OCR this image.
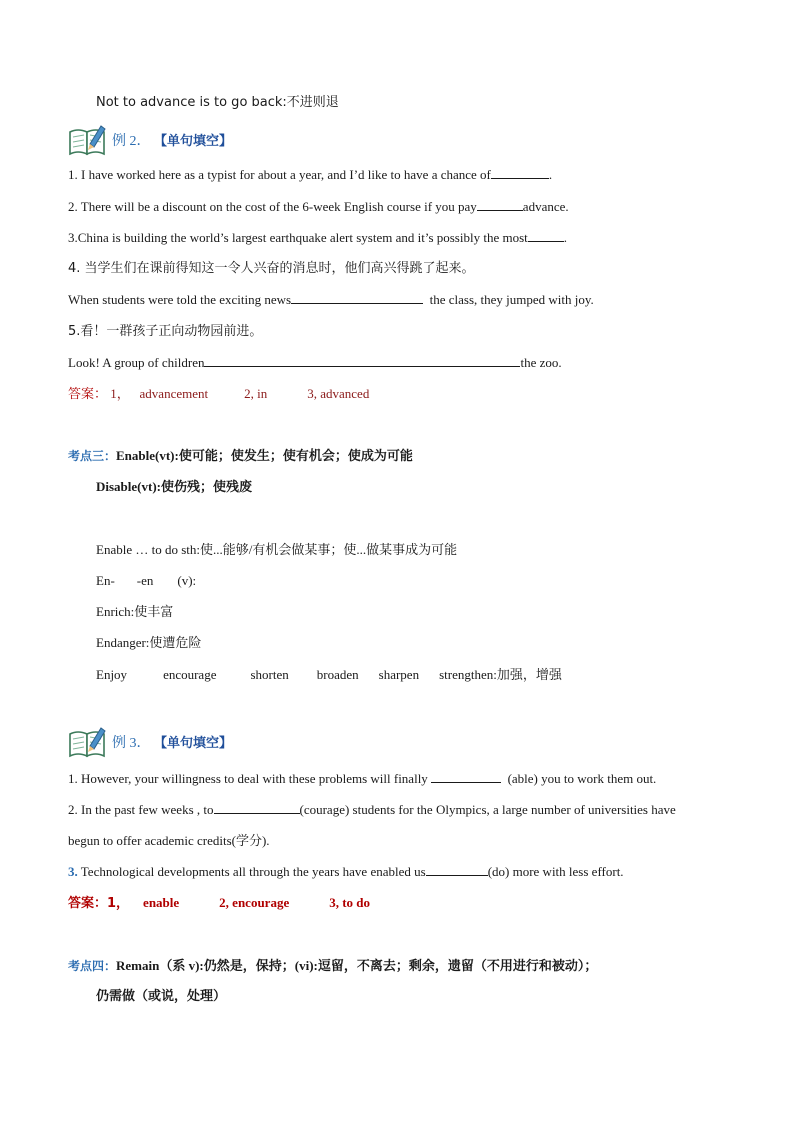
Not to advance is to go back:不进则退
例 2． 【单句填空】
1. I have worked here as a typist for about a year, and I’d like to have a chance of	.
2. There will be a discount on the cost of the 6-week English course if you pay	advance.
3.China is building the world’s largest earthquake alert system and it’s possibly the most	.
4. 当学生们在课前得知这一令人兴奋的消息时，他们高兴得跳了起来。
When students were told the exciting news	the class, they jumped with joy.
5.看！一群孩子正向动物园前进。
Look! A group of children	the zoo.
答案： 1， advancement	2, in	3, advanced
考点三：Enable(vt):使可能；使发生；使有机会；使成为可能
Disable(vt):使伤残；使残废
Enable … to do sth:使...能够/有机会做某事；使...做某事成为可能
En- -en (v):
Enrich:使丰富
Endanger:使遭危险
Enjoy	encourage	shorten broaden sharpen strengthen:加强，增强
例 3． 【单句填空】
1. However, your willingness to deal with these problems will finally	(able) you to work them out.
2. In the past few weeks , to	(courage) students for the Olympics, a large number of universities have
begun to offer academic credits(学分).
3. Technological developments all through the years have enabled us	(do) more with less effort.
答案：1， enable	2, encourage	3, to do
考点四：Remain（系 v):仍然是，保持；(vi):逗留，不离去；剩余，遗留（不用进行和被动）；
仍需做（或说，处理）
